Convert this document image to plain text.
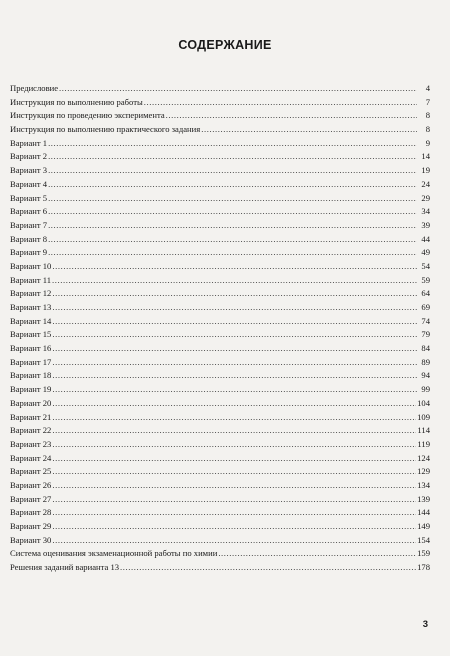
СОДЕРЖАНИЕ
Предисловие .....	4
Инструкция по выполнению работы .....	7
Инструкция по проведению эксперимента .....	8
Инструкция по выполнению практического задания .....	8
Вариант 1 .....	9
Вариант 2 .....	14
Вариант 3 .....	19
Вариант 4 .....	24
Вариант 5 .....	29
Вариант 6 .....	34
Вариант 7 .....	39
Вариант 8 .....	44
Вариант 9 .....	49
Вариант 10 .....	54
Вариант 11 .....	59
Вариант 12 .....	64
Вариант 13 .....	69
Вариант 14 .....	74
Вариант 15 .....	79
Вариант 16 .....	84
Вариант 17 .....	89
Вариант 18 .....	94
Вариант 19 .....	99
Вариант 20 .....	104
Вариант 21 .....	109
Вариант 22 .....	114
Вариант 23 .....	119
Вариант 24 .....	124
Вариант 25 .....	129
Вариант 26 .....	134
Вариант 27 .....	139
Вариант 28 .....	144
Вариант 29 .....	149
Вариант 30 .....	154
Система оценивания экзаменационной работы по химии .....	159
Решения заданий варианта 13 .....	178
3
